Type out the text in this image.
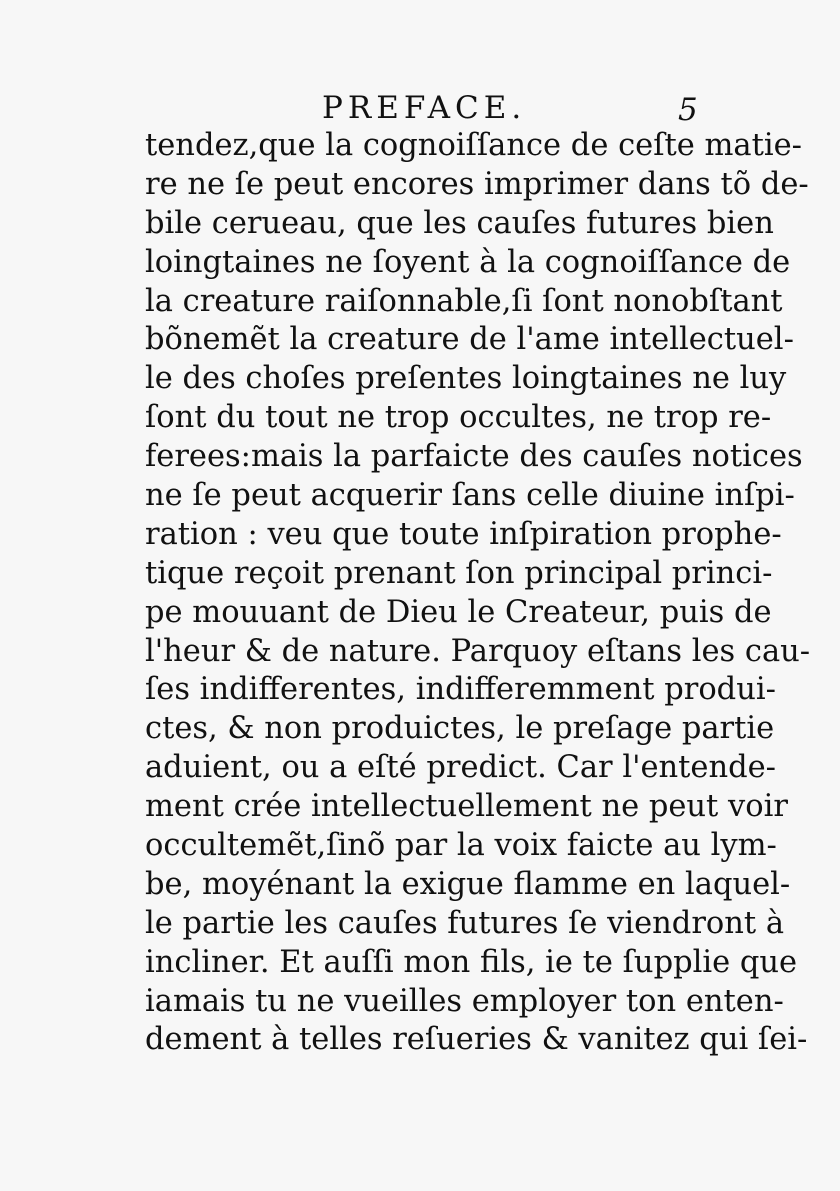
PREFACE.	5
tendez,que la cognoiſſance de ceſte matie-
re ne ſe peut encores imprimer dans tõ de-
bile cerueau, que les cauſes futures bien
loingtaines ne ſoyent à la cognoiſſance de
la creature raiſonnable,ſi ſont nonobſtant
bõnemẽt la creature de l'ame intellectuel-
le des choſes preſentes loingtaines ne luy
ſont du tout ne trop occultes, ne trop re-
ferees:mais la parfaicte des cauſes notices
ne ſe peut acquerir ſans celle diuine inſpi-
ration : veu que toute inſpiration prophe-
tique reçoit prenant ſon principal princi-
pe mouuant de Dieu le Createur, puis de
l'heur & de nature. Parquoy eſtans les cau-
ſes indifferentes, indifferemment produi-
ctes, & non produictes, le preſage partie
aduient, ou a eſté predict. Car l'entende-
ment crée intellectuellement ne peut voir
occultemẽt,ſinõ par la voix faicte au lym-
be, moyénant la exigue flamme en laquel-
le partie les cauſes futures ſe viendront à
incliner. Et auſſi mon fils, ie te ſupplie que
iamais tu ne vueilles employer ton enten-
dement à telles reſueries & vanitez qui ſei-
